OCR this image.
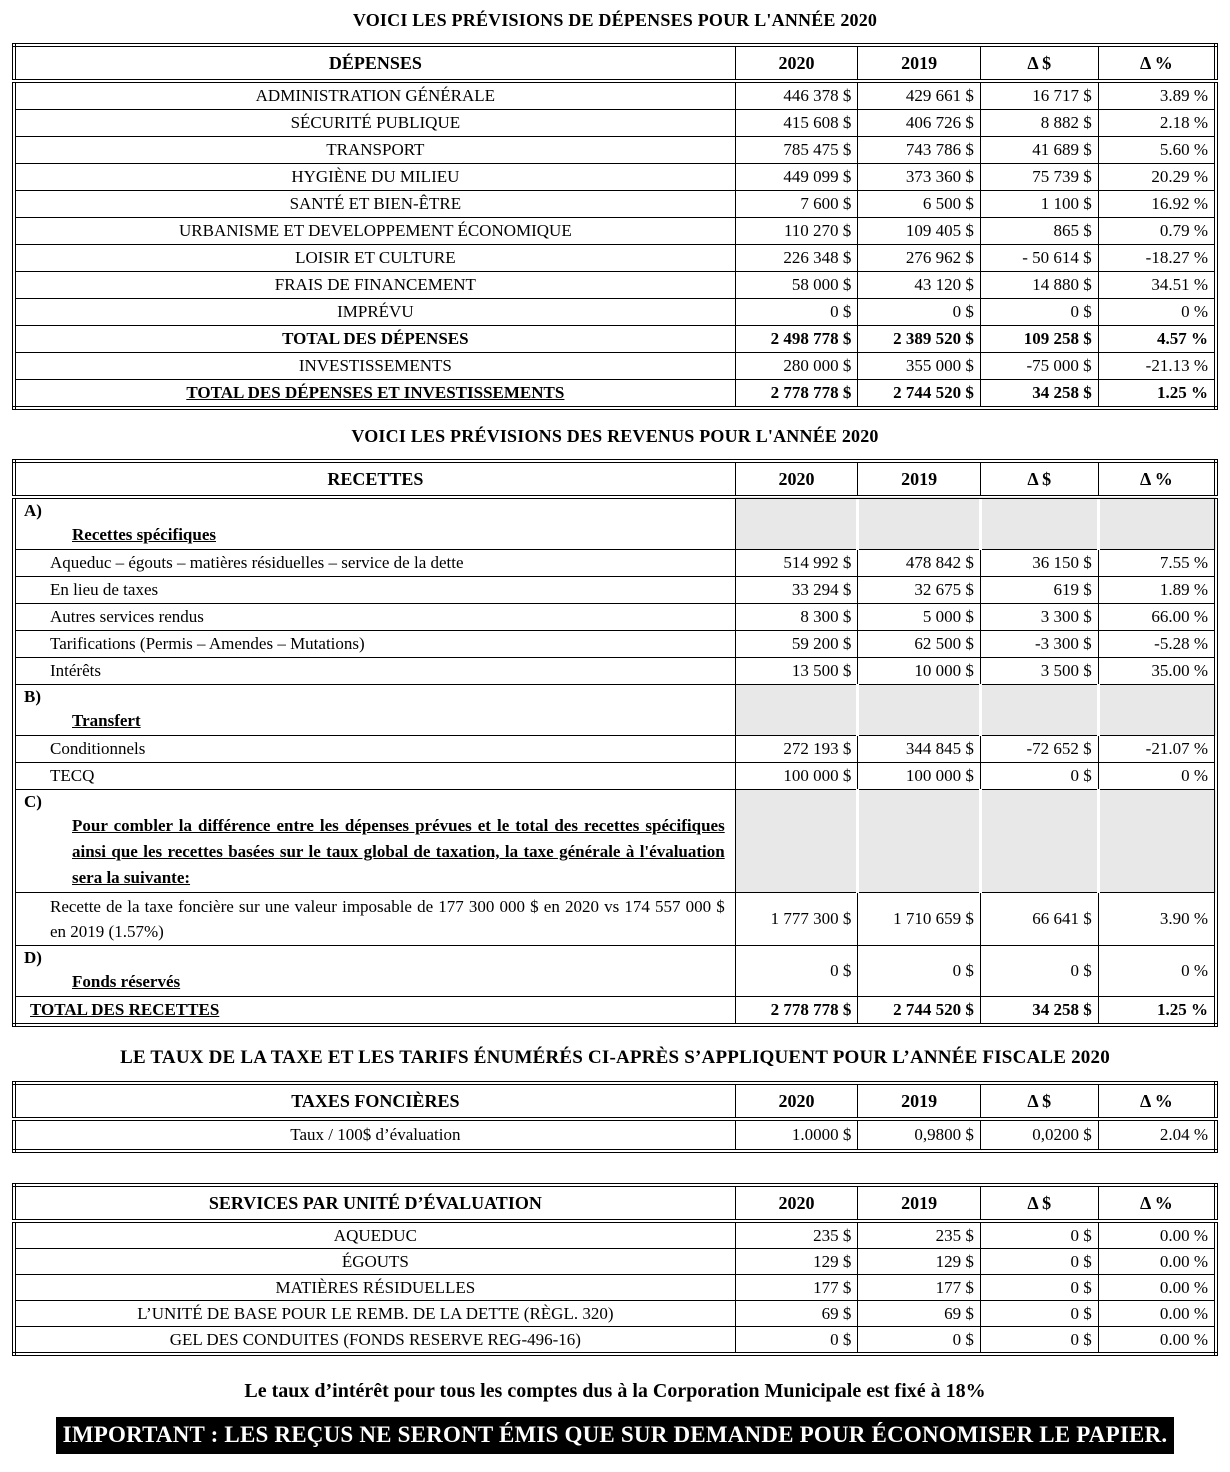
VOICI LES PRÉVISIONS DE DÉPENSES POUR L'ANNÉE 2020
DÉPENSES	2020	2019	Δ $	Δ %
ADMINISTRATION GÉNÉRALE	446 378 $	429 661 $	16 717 $	3.89 %
SÉCURITÉ PUBLIQUE	415 608 $	406 726 $	8 882 $	2.18 %
TRANSPORT	785 475 $	743 786 $	41 689 $	5.60 %
HYGIÈNE DU MILIEU	449 099 $	373 360 $	75 739 $	20.29 %
SANTÉ ET BIEN-ÊTRE	7 600 $	6 500 $	1 100 $	16.92 %
URBANISME ET DEVELOPPEMENT ÉCONOMIQUE	110 270 $	109 405 $	865 $	0.79 %
LOISIR ET CULTURE	226 348 $	276 962 $	- 50 614 $	-18.27 %
FRAIS DE FINANCEMENT	58 000 $	43 120 $	14 880 $	34.51 %
IMPRÉVU	0 $	0 $	0 $	0 %
TOTAL DES DÉPENSES	2 498 778 $	2 389 520 $	109 258 $	4.57 %
INVESTISSEMENTS	280 000 $	355 000 $	-75 000 $	-21.13 %
TOTAL DES DÉPENSES ET INVESTISSEMENTS	2 778 778 $	2 744 520 $	34 258 $	1.25 %
VOICI LES PRÉVISIONS DES REVENUS POUR L'ANNÉE 2020
RECETTES	2020	2019	Δ $	Δ %
A)
Recettes spécifiques				

Aqueduc – égouts – matières résiduelles – service de la dette	514 992 $	478 842 $	36 150 $	7.55 %
En lieu de taxes	33 294 $	32 675 $	619 $	1.89 %
Autres services rendus	8 300 $	5 000 $	3 300 $	66.00 %
Tarifications (Permis – Amendes – Mutations)	59 200 $	62 500 $	-3 300 $	-5.28 %
Intérêts	13 500 $	10 000 $	3 500 $	35.00 %
B)
Transfert				

Conditionnels	272 193 $	344 845 $	-72 652 $	-21.07 %
TECQ	100 000 $	100 000 $	0 $	0 %
C)
Pour combler la différence entre les dépenses prévues et le total des recettes spécifiques ainsi que les recettes basées sur le taux global de taxation, la taxe générale à l'évaluation sera la suivante:				

Recette de la taxe foncière sur une valeur imposable de 177 300 000 $ en 2020 vs 174 557 000 $ en 2019 (1.57%)	1 777 300 $	1 710 659 $	66 641 $	3.90 %
D)
Fonds réservés	0 $	0 $	0 $	0 %
TOTAL DES RECETTES	2 778 778 $	2 744 520 $	34 258 $	1.25 %
LE TAUX DE LA TAXE ET LES TARIFS ÉNUMÉRÉS CI-APRÈS S’APPLIQUENT POUR L’ANNÉE FISCALE 2020
TAXES FONCIÈRES	2020	2019	Δ $	Δ %
Taux / 100$ d’évaluation	1.0000 $	0,9800 $	0,0200 $	2.04 %
SERVICES PAR UNITÉ D’ÉVALUATION	2020	2019	Δ $	Δ %
AQUEDUC	235 $	235 $	0 $	0.00 %
ÉGOUTS	129 $	129 $	0 $	0.00 %
MATIÈRES RÉSIDUELLES	177 $	177 $	0 $	0.00 %
L’UNITÉ DE BASE POUR LE REMB. DE LA DETTE (RÈGL. 320)	69 $	69 $	0 $	0.00 %
GEL DES CONDUITES (FONDS RESERVE REG-496-16)	0 $	0 $	0 $	0.00 %
Le taux d’intérêt pour tous les comptes dus à la Corporation Municipale est fixé à 18%
IMPORTANT : LES REÇUS NE SERONT ÉMIS QUE SUR DEMANDE POUR ÉCONOMISER LE PAPIER.
